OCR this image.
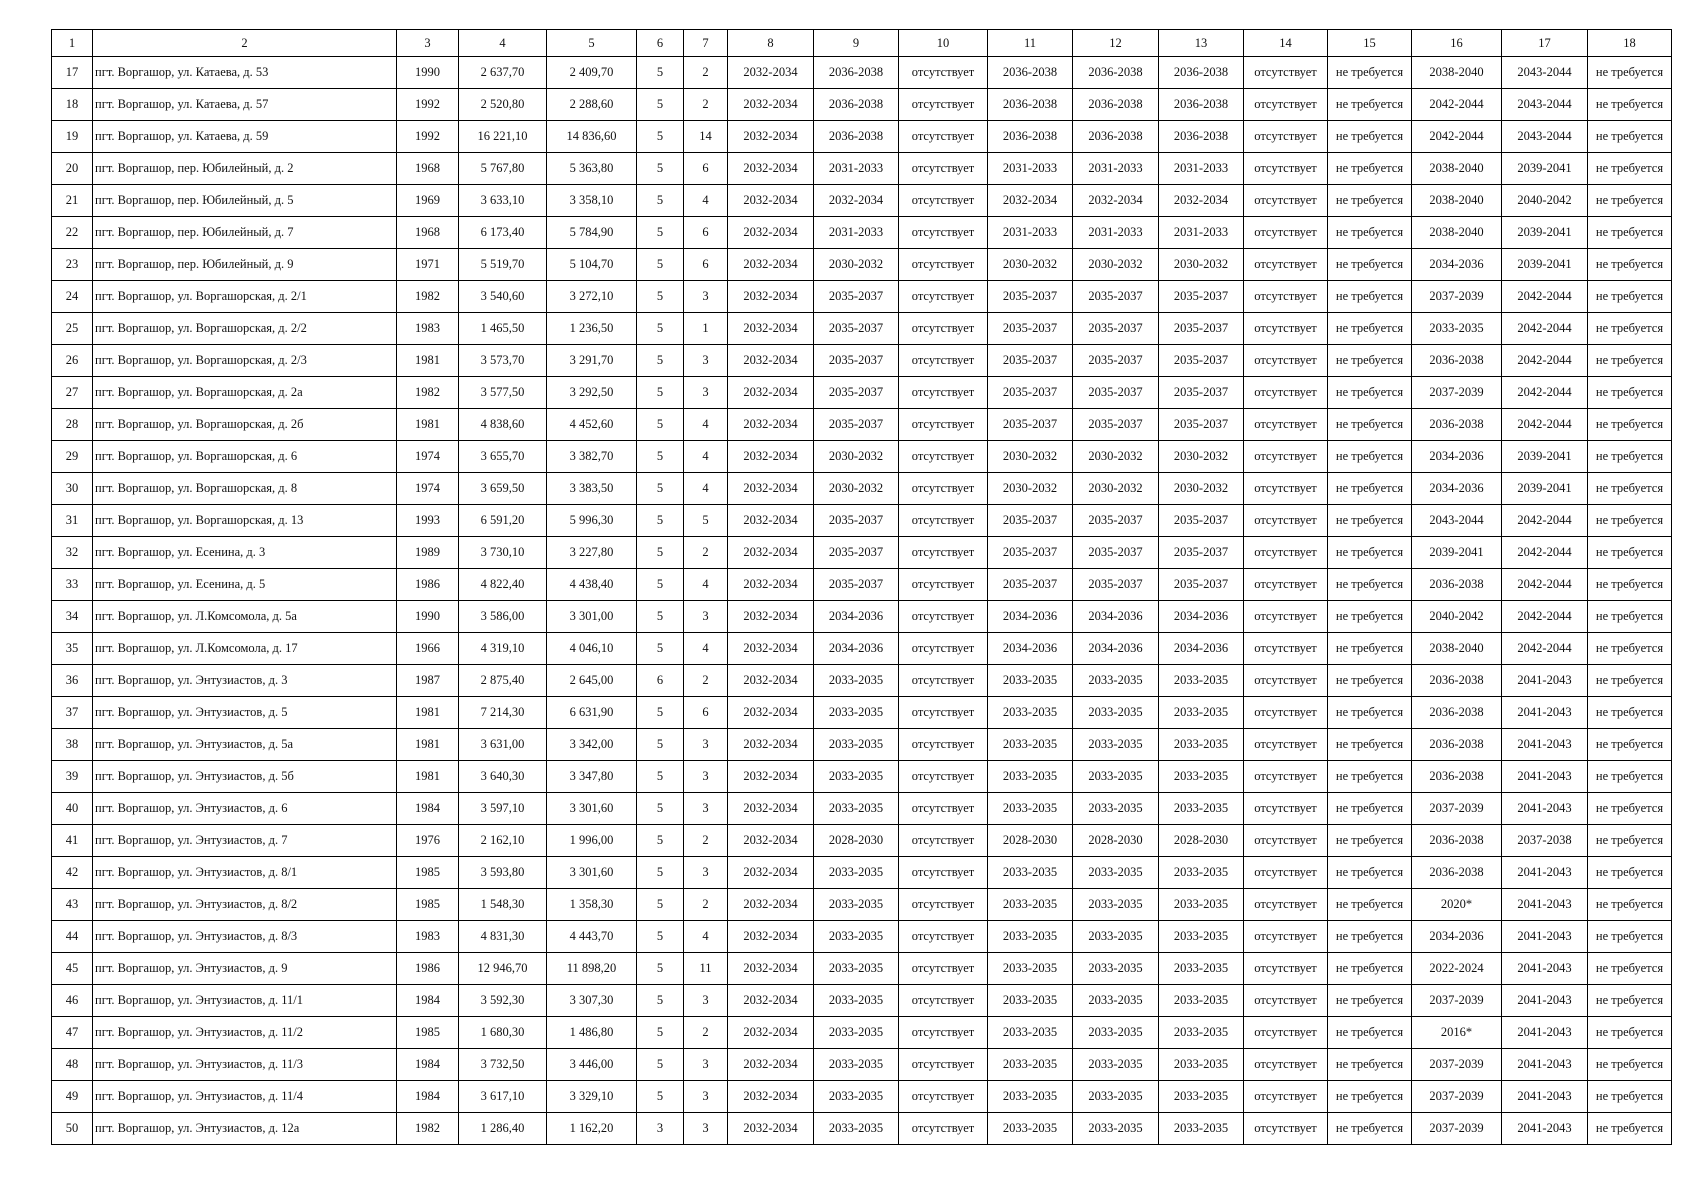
1	2	3	4	5	6	7	8	9	10	11	12	13	14	15	16	17	18
17	пгт. Воргашор, ул. Катаева, д. 53	1990	2 637,70	2 409,70	5	2	2032-2034	2036-2038	отсутствует	2036-2038	2036-2038	2036-2038	отсутствует	не требуется	2038-2040	2043-2044	не требуется
18	пгт. Воргашор, ул. Катаева, д. 57	1992	2 520,80	2 288,60	5	2	2032-2034	2036-2038	отсутствует	2036-2038	2036-2038	2036-2038	отсутствует	не требуется	2042-2044	2043-2044	не требуется
19	пгт. Воргашор, ул. Катаева, д. 59	1992	16 221,10	14 836,60	5	14	2032-2034	2036-2038	отсутствует	2036-2038	2036-2038	2036-2038	отсутствует	не требуется	2042-2044	2043-2044	не требуется
20	пгт. Воргашор, пер. Юбилейный, д. 2	1968	5 767,80	5 363,80	5	6	2032-2034	2031-2033	отсутствует	2031-2033	2031-2033	2031-2033	отсутствует	не требуется	2038-2040	2039-2041	не требуется
21	пгт. Воргашор, пер. Юбилейный, д. 5	1969	3 633,10	3 358,10	5	4	2032-2034	2032-2034	отсутствует	2032-2034	2032-2034	2032-2034	отсутствует	не требуется	2038-2040	2040-2042	не требуется
22	пгт. Воргашор, пер. Юбилейный, д. 7	1968	6 173,40	5 784,90	5	6	2032-2034	2031-2033	отсутствует	2031-2033	2031-2033	2031-2033	отсутствует	не требуется	2038-2040	2039-2041	не требуется
23	пгт. Воргашор, пер. Юбилейный, д. 9	1971	5 519,70	5 104,70	5	6	2032-2034	2030-2032	отсутствует	2030-2032	2030-2032	2030-2032	отсутствует	не требуется	2034-2036	2039-2041	не требуется
24	пгт. Воргашор, ул. Воргашорская, д. 2/1	1982	3 540,60	3 272,10	5	3	2032-2034	2035-2037	отсутствует	2035-2037	2035-2037	2035-2037	отсутствует	не требуется	2037-2039	2042-2044	не требуется
25	пгт. Воргашор, ул. Воргашорская, д. 2/2	1983	1 465,50	1 236,50	5	1	2032-2034	2035-2037	отсутствует	2035-2037	2035-2037	2035-2037	отсутствует	не требуется	2033-2035	2042-2044	не требуется
26	пгт. Воргашор, ул. Воргашорская, д. 2/3	1981	3 573,70	3 291,70	5	3	2032-2034	2035-2037	отсутствует	2035-2037	2035-2037	2035-2037	отсутствует	не требуется	2036-2038	2042-2044	не требуется
27	пгт. Воргашор, ул. Воргашорская, д. 2а	1982	3 577,50	3 292,50	5	3	2032-2034	2035-2037	отсутствует	2035-2037	2035-2037	2035-2037	отсутствует	не требуется	2037-2039	2042-2044	не требуется
28	пгт. Воргашор, ул. Воргашорская, д. 2б	1981	4 838,60	4 452,60	5	4	2032-2034	2035-2037	отсутствует	2035-2037	2035-2037	2035-2037	отсутствует	не требуется	2036-2038	2042-2044	не требуется
29	пгт. Воргашор, ул. Воргашорская, д. 6	1974	3 655,70	3 382,70	5	4	2032-2034	2030-2032	отсутствует	2030-2032	2030-2032	2030-2032	отсутствует	не требуется	2034-2036	2039-2041	не требуется
30	пгт. Воргашор, ул. Воргашорская, д. 8	1974	3 659,50	3 383,50	5	4	2032-2034	2030-2032	отсутствует	2030-2032	2030-2032	2030-2032	отсутствует	не требуется	2034-2036	2039-2041	не требуется
31	пгт. Воргашор, ул. Воргашорская, д. 13	1993	6 591,20	5 996,30	5	5	2032-2034	2035-2037	отсутствует	2035-2037	2035-2037	2035-2037	отсутствует	не требуется	2043-2044	2042-2044	не требуется
32	пгт. Воргашор, ул. Есенина, д. 3	1989	3 730,10	3 227,80	5	2	2032-2034	2035-2037	отсутствует	2035-2037	2035-2037	2035-2037	отсутствует	не требуется	2039-2041	2042-2044	не требуется
33	пгт. Воргашор, ул. Есенина, д. 5	1986	4 822,40	4 438,40	5	4	2032-2034	2035-2037	отсутствует	2035-2037	2035-2037	2035-2037	отсутствует	не требуется	2036-2038	2042-2044	не требуется
34	пгт. Воргашор, ул. Л.Комсомола, д. 5а	1990	3 586,00	3 301,00	5	3	2032-2034	2034-2036	отсутствует	2034-2036	2034-2036	2034-2036	отсутствует	не требуется	2040-2042	2042-2044	не требуется
35	пгт. Воргашор, ул. Л.Комсомола, д. 17	1966	4 319,10	4 046,10	5	4	2032-2034	2034-2036	отсутствует	2034-2036	2034-2036	2034-2036	отсутствует	не требуется	2038-2040	2042-2044	не требуется
36	пгт. Воргашор, ул. Энтузиастов, д. 3	1987	2 875,40	2 645,00	6	2	2032-2034	2033-2035	отсутствует	2033-2035	2033-2035	2033-2035	отсутствует	не требуется	2036-2038	2041-2043	не требуется
37	пгт. Воргашор, ул. Энтузиастов, д. 5	1981	7 214,30	6 631,90	5	6	2032-2034	2033-2035	отсутствует	2033-2035	2033-2035	2033-2035	отсутствует	не требуется	2036-2038	2041-2043	не требуется
38	пгт. Воргашор, ул. Энтузиастов, д. 5а	1981	3 631,00	3 342,00	5	3	2032-2034	2033-2035	отсутствует	2033-2035	2033-2035	2033-2035	отсутствует	не требуется	2036-2038	2041-2043	не требуется
39	пгт. Воргашор, ул. Энтузиастов, д. 5б	1981	3 640,30	3 347,80	5	3	2032-2034	2033-2035	отсутствует	2033-2035	2033-2035	2033-2035	отсутствует	не требуется	2036-2038	2041-2043	не требуется
40	пгт. Воргашор, ул. Энтузиастов, д. 6	1984	3 597,10	3 301,60	5	3	2032-2034	2033-2035	отсутствует	2033-2035	2033-2035	2033-2035	отсутствует	не требуется	2037-2039	2041-2043	не требуется
41	пгт. Воргашор, ул. Энтузиастов, д. 7	1976	2 162,10	1 996,00	5	2	2032-2034	2028-2030	отсутствует	2028-2030	2028-2030	2028-2030	отсутствует	не требуется	2036-2038	2037-2038	не требуется
42	пгт. Воргашор, ул. Энтузиастов, д. 8/1	1985	3 593,80	3 301,60	5	3	2032-2034	2033-2035	отсутствует	2033-2035	2033-2035	2033-2035	отсутствует	не требуется	2036-2038	2041-2043	не требуется
43	пгт. Воргашор, ул. Энтузиастов, д. 8/2	1985	1 548,30	1 358,30	5	2	2032-2034	2033-2035	отсутствует	2033-2035	2033-2035	2033-2035	отсутствует	не требуется	2020*	2041-2043	не требуется
44	пгт. Воргашор, ул. Энтузиастов, д. 8/3	1983	4 831,30	4 443,70	5	4	2032-2034	2033-2035	отсутствует	2033-2035	2033-2035	2033-2035	отсутствует	не требуется	2034-2036	2041-2043	не требуется
45	пгт. Воргашор, ул. Энтузиастов, д. 9	1986	12 946,70	11 898,20	5	11	2032-2034	2033-2035	отсутствует	2033-2035	2033-2035	2033-2035	отсутствует	не требуется	2022-2024	2041-2043	не требуется
46	пгт. Воргашор, ул. Энтузиастов, д. 11/1	1984	3 592,30	3 307,30	5	3	2032-2034	2033-2035	отсутствует	2033-2035	2033-2035	2033-2035	отсутствует	не требуется	2037-2039	2041-2043	не требуется
47	пгт. Воргашор, ул. Энтузиастов, д. 11/2	1985	1 680,30	1 486,80	5	2	2032-2034	2033-2035	отсутствует	2033-2035	2033-2035	2033-2035	отсутствует	не требуется	2016*	2041-2043	не требуется
48	пгт. Воргашор, ул. Энтузиастов, д. 11/3	1984	3 732,50	3 446,00	5	3	2032-2034	2033-2035	отсутствует	2033-2035	2033-2035	2033-2035	отсутствует	не требуется	2037-2039	2041-2043	не требуется
49	пгт. Воргашор, ул. Энтузиастов, д. 11/4	1984	3 617,10	3 329,10	5	3	2032-2034	2033-2035	отсутствует	2033-2035	2033-2035	2033-2035	отсутствует	не требуется	2037-2039	2041-2043	не требуется
50	пгт. Воргашор, ул. Энтузиастов, д. 12а	1982	1 286,40	1 162,20	3	3	2032-2034	2033-2035	отсутствует	2033-2035	2033-2035	2033-2035	отсутствует	не требуется	2037-2039	2041-2043	не требуется
